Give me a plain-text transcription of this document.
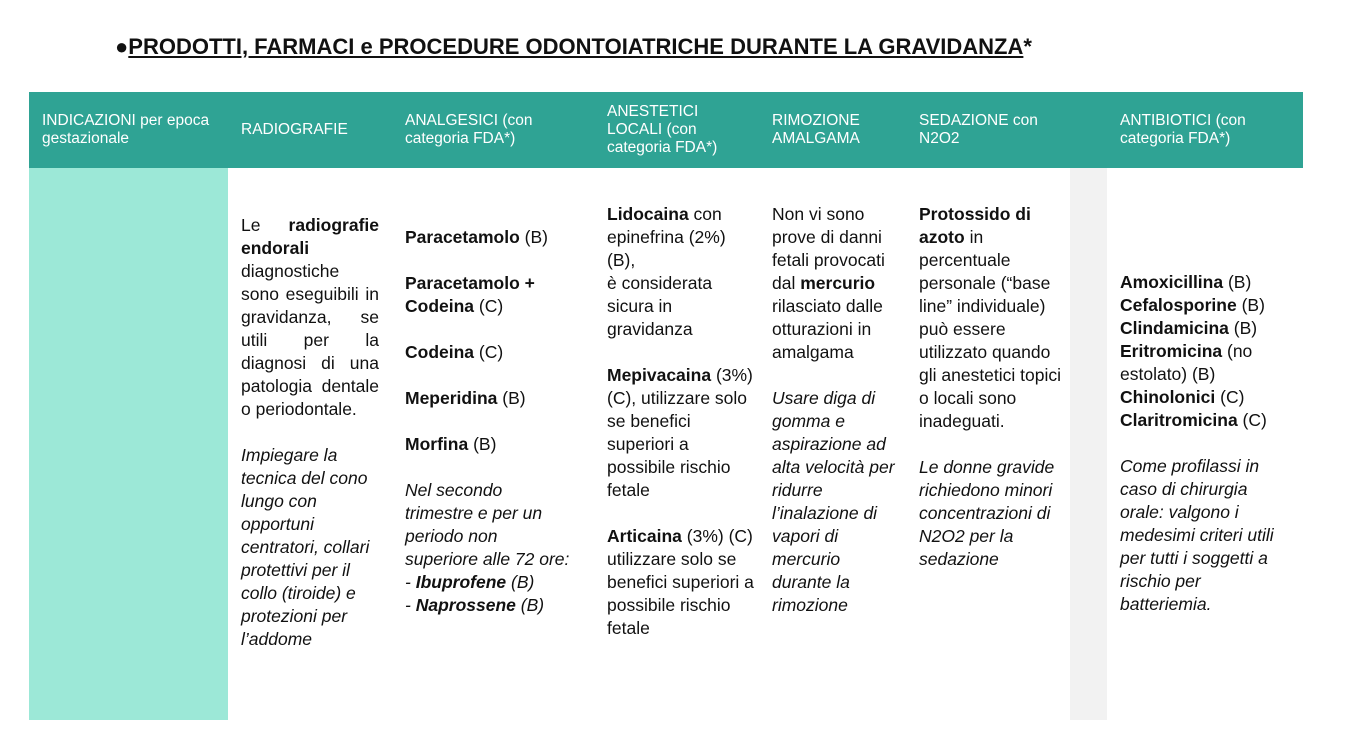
●PRODOTTI, FARMACI e PROCEDURE ODONTOIATRICHE DURANTE LA GRAVIDANZA*
INDICAZIONI per epoca gestazionale
RADIOGRAFIE
ANALGESICI (con categoria FDA*)
ANESTETICI LOCALI (con categoria FDA*)
RIMOZIONE AMALGAMA
SEDAZIONE con N2O2
ANTIBIOTICI (con categoria FDA*)

Le radiografie endorali diagnostiche sono eseguibili in gravidanza, se utili per la diagnosi di una patologia dentale o periodontale.

Impiegare la tecnica del cono lungo con opportuni centratori, collari protettivi per il collo (tiroide) e protezioni per l’addome

Paracetamolo (B)

Paracetamolo + Codeina (C)

Codeina (C)

Meperidina (B)

Morfina (B)

Nel secondo trimestre e per un periodo non superiore alle 72 ore:

- Ibuprofene (B)

- Naprossene (B)

Lidocaina con epinefrina (2%) (B),

è considerata sicura in gravidanza

Mepivacaina (3%) (C), utilizzare solo se benefici superiori a possibile rischio fetale

Articaina (3%) (C) utilizzare solo se benefici superiori a possibile rischio fetale

Non vi sono prove di danni fetali provocati dal mercurio rilasciato dalle otturazioni in amalgama

Usare diga di gomma e aspirazione ad alta velocità per ridurre l’inalazione di vapori di mercurio durante la rimozione

Protossido di azoto in percentuale personale (“base line” individuale) può essere utilizzato quando gli anestetici topici o locali sono inadeguati.

Le donne gravide richiedono minori concentrazioni di N2O2 per la sedazione

Amoxicillina (B)

Cefalosporine (B)

Clindamicina (B)

Eritromicina (no estolato) (B)

Chinolonici (C)

Claritromicina (C)

Come profilassi in caso di chirurgia orale: valgono i medesimi criteri utili per tutti i soggetti a rischio per batteriemia.
